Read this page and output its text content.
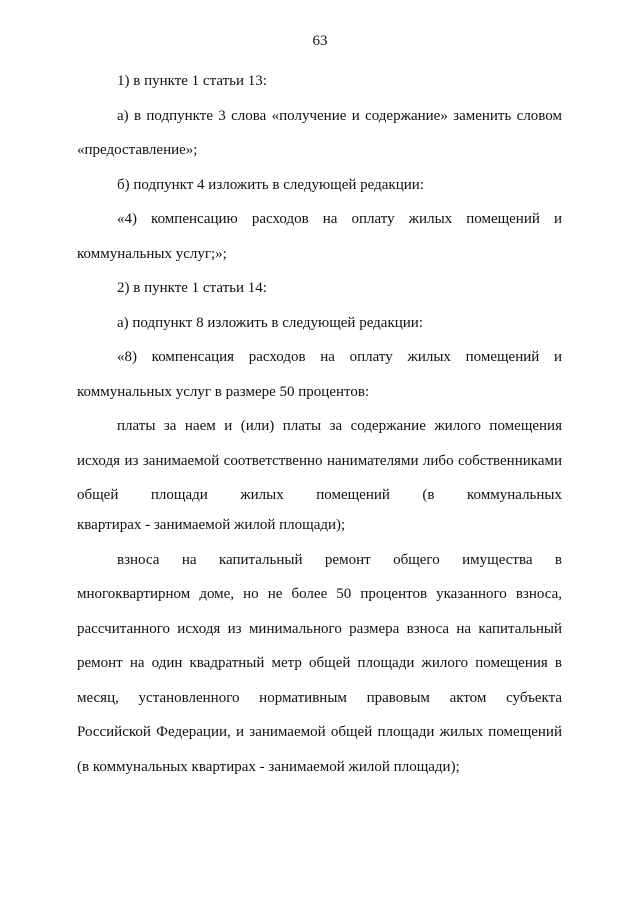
63
1) в пункте 1 статьи 13:
а) в подпункте 3 слова «получение и содержание» заменить словом
«предоставление»;
б) подпункт 4 изложить в следующей редакции:
«4) компенсацию расходов на оплату жилых помещений и
коммунальных услуг;»;
2) в пункте 1 статьи 14:
а) подпункт 8 изложить в следующей редакции:
«8) компенсация расходов на оплату жилых помещений и
коммунальных услуг в размере 50 процентов:
платы за наем и (или) платы за содержание жилого помещения
исходя из занимаемой соответственно нанимателями либо собственниками
общей площади жилых помещений (в коммунальных
квартирах - занимаемой жилой площади);
взноса на капитальный ремонт общего имущества в
многоквартирном доме, но не более 50 процентов указанного взноса,
рассчитанного исходя из минимального размера взноса на капитальный
ремонт на один квадратный метр общей площади жилого помещения в
месяц, установленного нормативным правовым актом субъекта
Российской Федерации, и занимаемой общей площади жилых помещений
(в коммунальных квартирах - занимаемой жилой площади);
